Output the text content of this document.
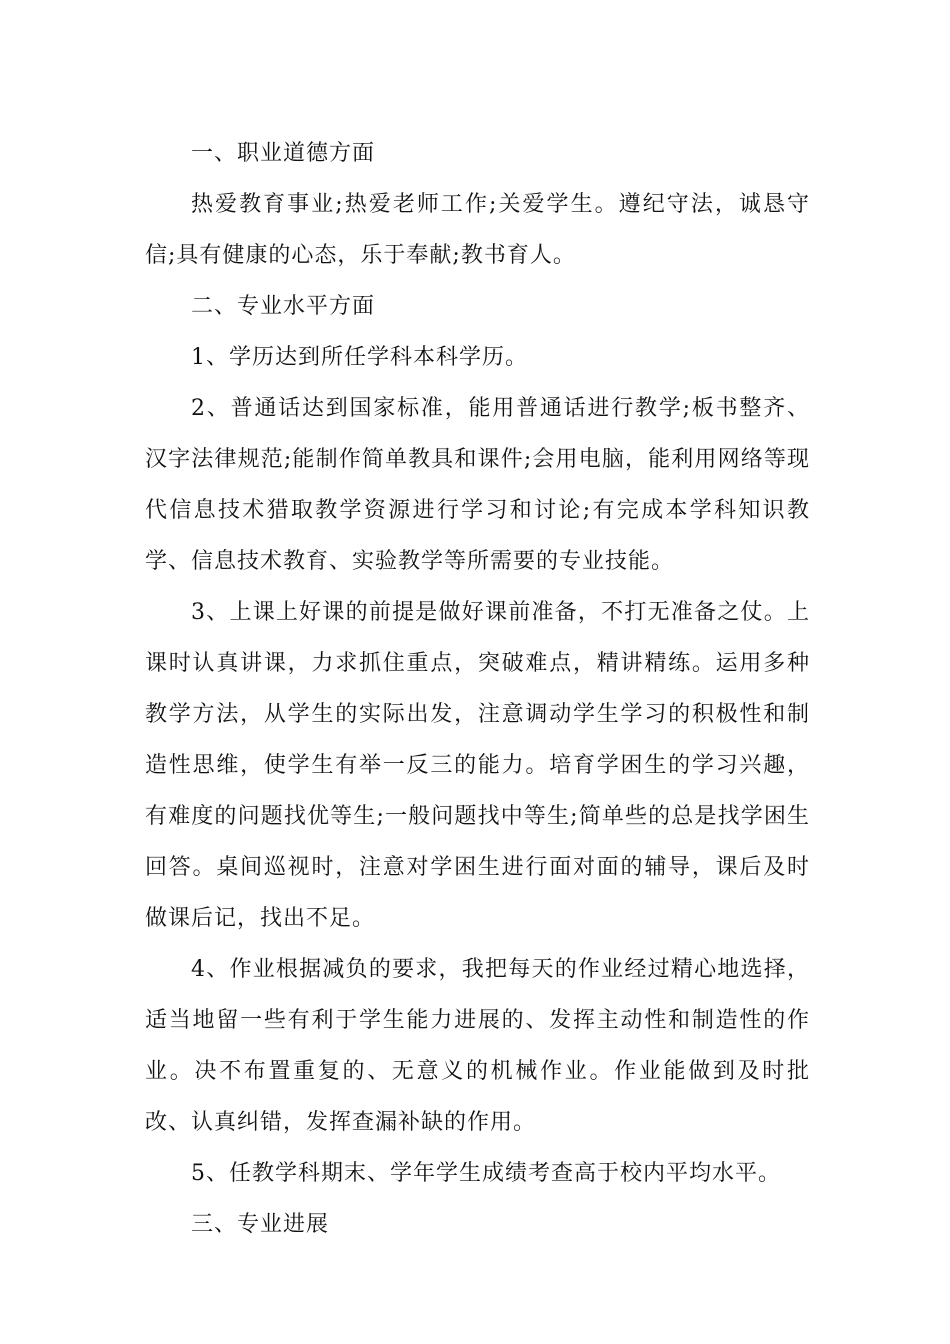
一、职业道德方面

热爱教育事业;热爱老师工作;关爱学生。遵纪守法，诚恳守信;具有健康的心态，乐于奉献;教书育人。

二、专业水平方面

1、学历达到所任学科本科学历。

2、普通话达到国家标准，能用普通话进行教学;板书整齐、汉字法律规范;能制作简单教具和课件;会用电脑，能利用网络等现代信息技术猎取教学资源进行学习和讨论;有完成本学科知识教学、信息技术教育、实验教学等所需要的专业技能。

3、上课上好课的前提是做好课前准备，不打无准备之仗。上课时认真讲课，力求抓住重点，突破难点，精讲精练。运用多种教学方法，从学生的实际出发，注意调动学生学习的积极性和制造性思维，使学生有举一反三的能力。培育学困生的学习兴趣，有难度的问题找优等生;一般问题找中等生;简单些的总是找学困生回答。桌间巡视时，注意对学困生进行面对面的辅导，课后及时做课后记，找出不足。

4、作业根据减负的要求，我把每天的作业经过精心地选择，适当地留一些有利于学生能力进展的、发挥主动性和制造性的作业。决不布置重复的、无意义的机械作业。作业能做到及时批改、认真纠错，发挥查漏补缺的作用。

5、任教学科期末、学年学生成绩考查高于校内平均水平。

三、专业进展
